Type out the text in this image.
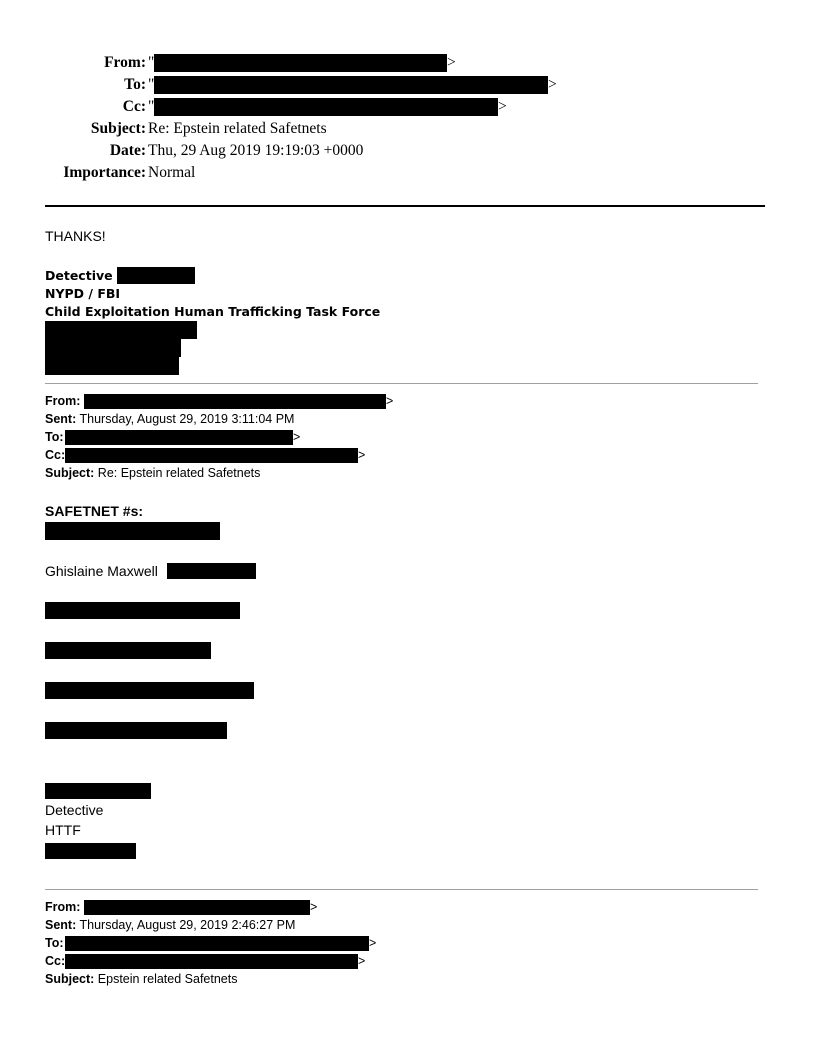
From: "	>
To: "	>
Cc: "	>
Subject: Re: Epstein related Safetnets
Date: Thu, 29 Aug 2019 19:19:03 +0000
Importance: Normal
THANKS!
Detective
NYPD / FBI
Child Exploitation Human Trafficking Task Force
From:	>
Sent: Thursday, August 29, 2019 3:11:04 PM
To:	>
Cc:	>
Subject: Re: Epstein related Safetnets
SAFETNET #s:
Ghislaine Maxwell
Detective
HTTF
From:	>
Sent: Thursday, August 29, 2019 2:46:27 PM
To:	>
Cc:	>
Subject: Epstein related Safetnets
